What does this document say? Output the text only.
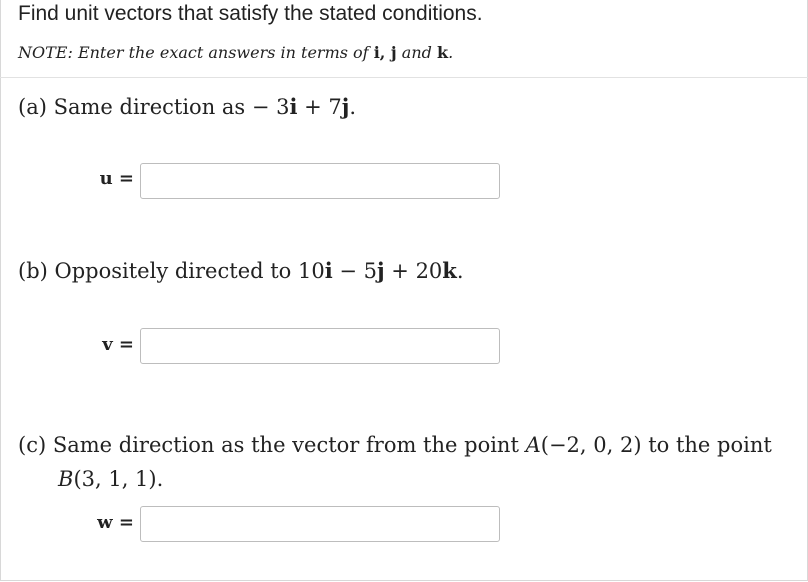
Find unit vectors that satisfy the stated conditions.
NOTE: Enter the exact answers in terms of i, j and k.
(a) Same direction as − 3i + 7j.
u =
(b) Oppositely directed to 10i − 5j + 20k.
v =
(c) Same direction as the vector from the point A(−2, 0, 2) to the point
B(3, 1, 1).
w =
